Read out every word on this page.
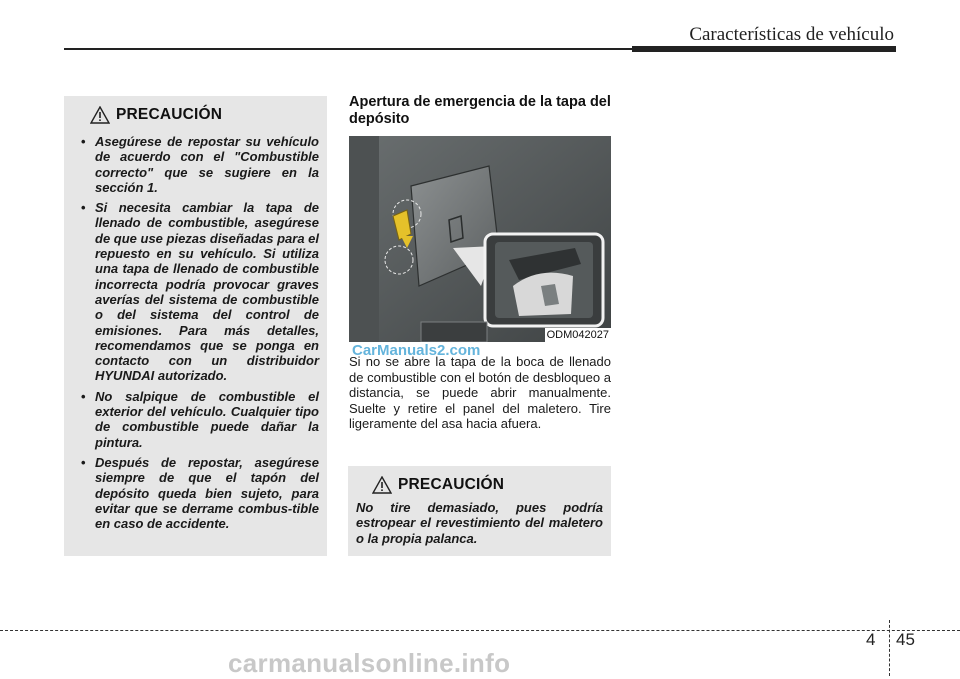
Características de vehículo
PRECAUCIÓN
• Asegúrese de repostar su vehículo de acuerdo con el "Combustible correcto" que se sugiere en la sección 1.
• Si necesita cambiar la tapa de llenado de combustible, asegúrese de que use piezas diseñadas para el repuesto en su vehículo. Si utiliza una tapa de llenado de combustible incorrecta podría provocar graves averías del sistema de combustible o del sistema del control de emisiones. Para más detalles, recomendamos que se ponga en contacto con un distribuidor HYUNDAI autorizado.
• No salpique de combustible el exterior del vehículo. Cualquier tipo de combustible puede dañar la pintura.
• Después de repostar, asegúrese siempre de que el tapón del depósito queda bien sujeto, para evitar que se derrame combus-tible en caso de accidente.
Apertura de emergencia de la tapa del depósito
ODM042027
CarManuals2.com
Si no se abre la tapa de la boca de llenado de combustible con el botón de desbloqueo a distancia, se puede abrir manualmente. Suelte y retire el panel del maletero. Tire ligeramente del asa hacia afuera.
PRECAUCIÓN

No tire demasiado, pues podría estropear el revestimiento del maletero o la propia palanca.

4 45
carmanualsonline.info
